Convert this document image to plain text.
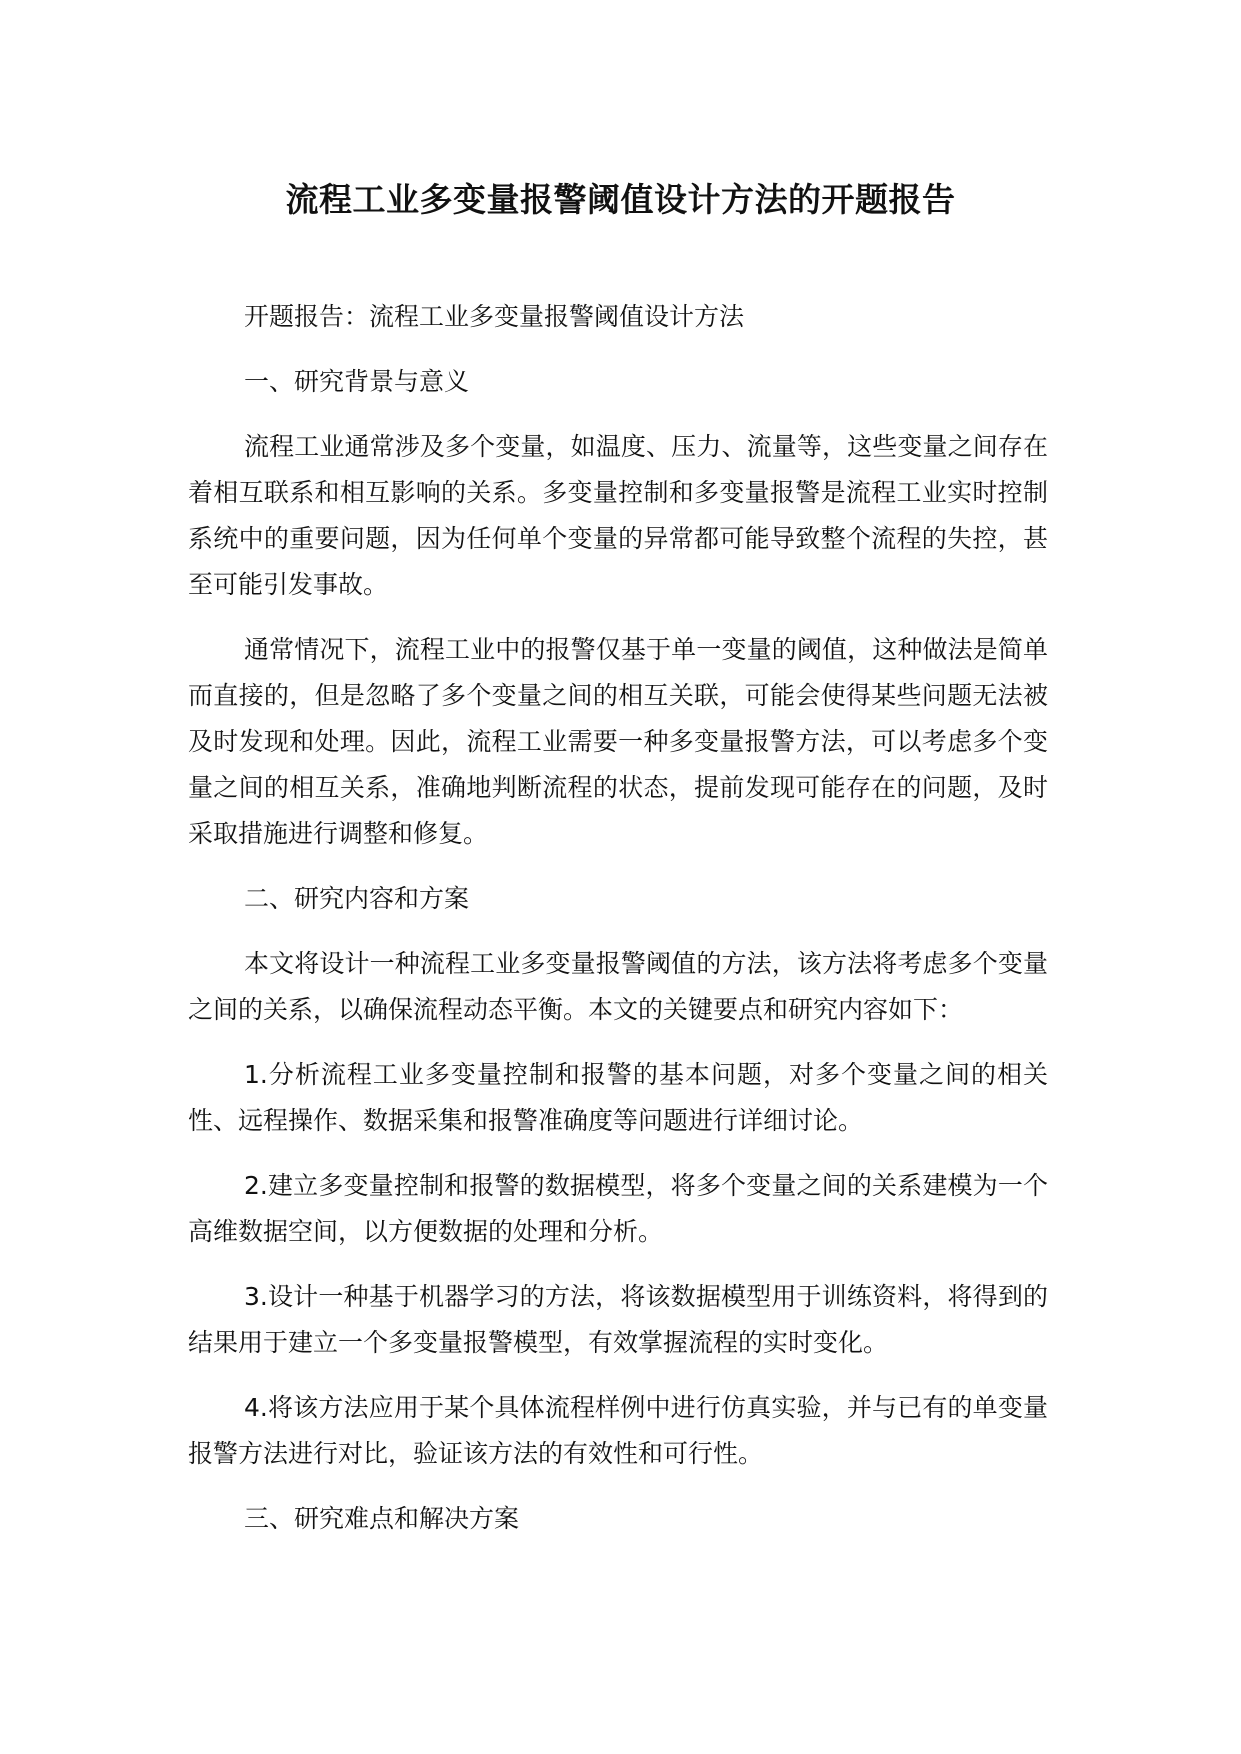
流程工业多变量报警阈值设计方法的开题报告

开题报告：流程工业多变量报警阈值设计方法

一、研究背景与意义

流程工业通常涉及多个变量，如温度、压力、流量等，这些变量之间存在着相互联系和相互影响的关系。多变量控制和多变量报警是流程工业实时控制系统中的重要问题，因为任何单个变量的异常都可能导致整个流程的失控，甚至可能引发事故。

通常情况下，流程工业中的报警仅基于单一变量的阈值，这种做法是简单而直接的，但是忽略了多个变量之间的相互关联，可能会使得某些问题无法被及时发现和处理。因此，流程工业需要一种多变量报警方法，可以考虑多个变量之间的相互关系，准确地判断流程的状态，提前发现可能存在的问题，及时采取措施进行调整和修复。

二、研究内容和方案

本文将设计一种流程工业多变量报警阈值的方法，该方法将考虑多个变量之间的关系，以确保流程动态平衡。本文的关键要点和研究内容如下：

1.分析流程工业多变量控制和报警的基本问题，对多个变量之间的相关性、远程操作、数据采集和报警准确度等问题进行详细讨论。

2.建立多变量控制和报警的数据模型，将多个变量之间的关系建模为一个高维数据空间，以方便数据的处理和分析。

3.设计一种基于机器学习的方法，将该数据模型用于训练资料，将得到的结果用于建立一个多变量报警模型，有效掌握流程的实时变化。

4.将该方法应用于某个具体流程样例中进行仿真实验，并与已有的单变量报警方法进行对比，验证该方法的有效性和可行性。

三、研究难点和解决方案
